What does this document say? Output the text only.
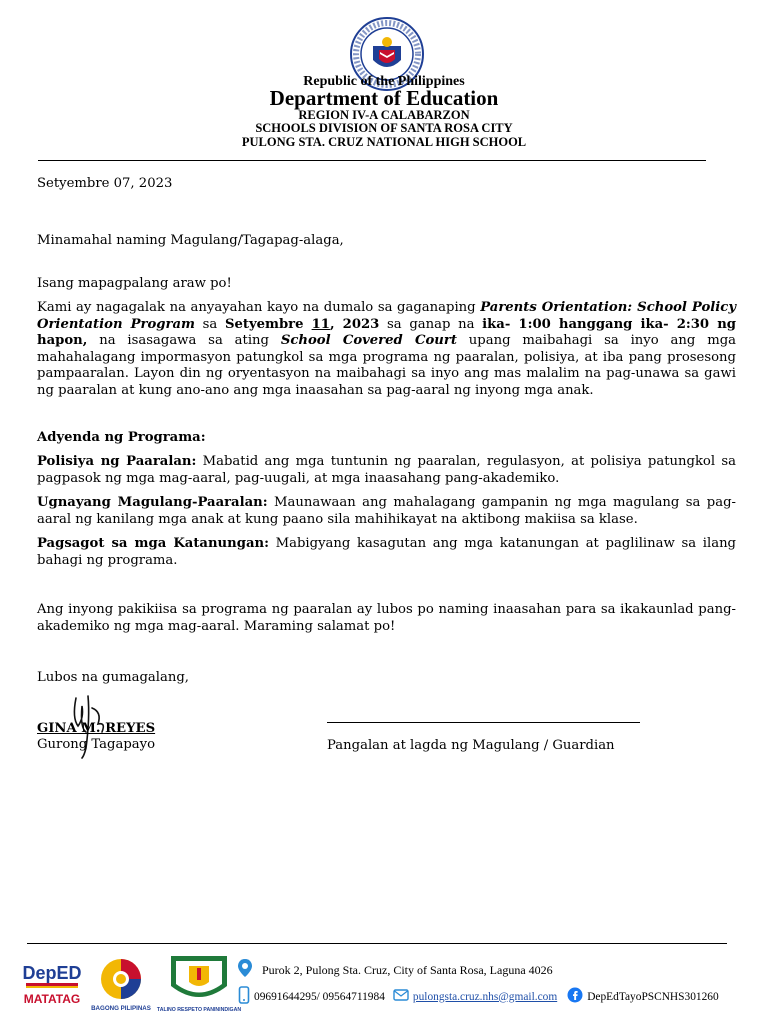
Republic of the Philippines
Department of Education
REGION IV-A CALABARZON
SCHOOLS DIVISION OF SANTA ROSA CITY
PULONG STA. CRUZ NATIONAL HIGH SCHOOL
Setyembre 07, 2023
Minamahal naming Magulang/Tagapag-alaga,
Isang mapagpalang araw po!
Kami ay nagagalak na anyayahan kayo na dumalo sa gaganaping Parents Orientation: School Policy Orientation Program sa Setyembre 11, 2023 sa ganap na ika- 1:00 hanggang ika- 2:30 ng hapon, na isasagawa sa ating School Covered Court upang maibahagi sa inyo ang mga mahahalagang impormasyon patungkol sa mga programa ng paaralan, polisiya, at iba pang prosesong pampaaralan. Layon din ng oryentasyon na maibahagi sa inyo ang mas malalim na pag-unawa sa gawi ng paaralan at kung ano-ano ang mga inaasahan sa pag-aaral ng inyong mga anak.
Adyenda ng Programa:
Polisiya ng Paaralan: Mabatid ang mga tuntunin ng paaralan, regulasyon, at polisiya patungkol sa pagpasok ng mga mag-aaral, pag-uugali, at mga inaasahang pang-akademiko.
Ugnayang Magulang-Paaralan: Maunawaan ang mahalagang gampanin ng mga magulang sa pag-aaral ng kanilang mga anak at kung paano sila mahihikayat na aktibong makiisa sa klase.
Pagsagot sa mga Katanungan: Mabigyang kasagutan ang mga katanungan at paglilinaw sa ilang bahagi ng programa.
Ang inyong pakikiisa sa programa ng paaralan ay lubos po naming inaasahan para sa ikakaunlad pang-akademiko ng mga mag-aaral. Maraming salamat po!
Lubos na gumagalang,
GINA M. REYES
Gurong Tagapayo	Pangalan at lagda ng Magulang / Guardian
DepED
MATATAG
BAGONG PILIPINAS TALINO RESPETO PANININDIGAN
Purok 2, Pulong Sta. Cruz, City of Santa Rosa, Laguna 4026
09691644295/ 09564711984 pulongsta.cruz.nhs@gmail.com	DepEdTayoPSCNHS301260
